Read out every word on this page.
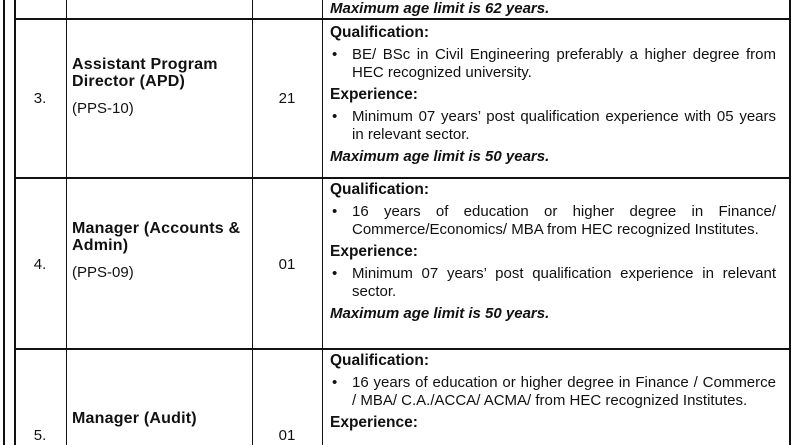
Maximum age limit is 62 years.
3.
Assistant Program Director (APD)
(PPS-10)
21
Qualification:
• BE/ BSc in Civil Engineering preferably a higher degree from HEC recognized university.
Experience:
• Minimum 07 years’ post qualification experience with 05 years in relevant sector.
Maximum age limit is 50 years.
4.
Manager (Accounts & Admin)
(PPS-09)	01
Qualification:
• 16 years of education or higher degree in Finance/ Commerce/Economics/ MBA from HEC recognized Institutes.
Experience:
• Minimum 07 years’ post qualification experience in relevant sector.
Maximum age limit is 50 years.
5.
Manager (Audit)
01
Qualification:
• 16 years of education or higher degree in Finance / Commerce / MBA/ C.A./ACCA/ ACMA/ from HEC recognized Institutes.
Experience:
